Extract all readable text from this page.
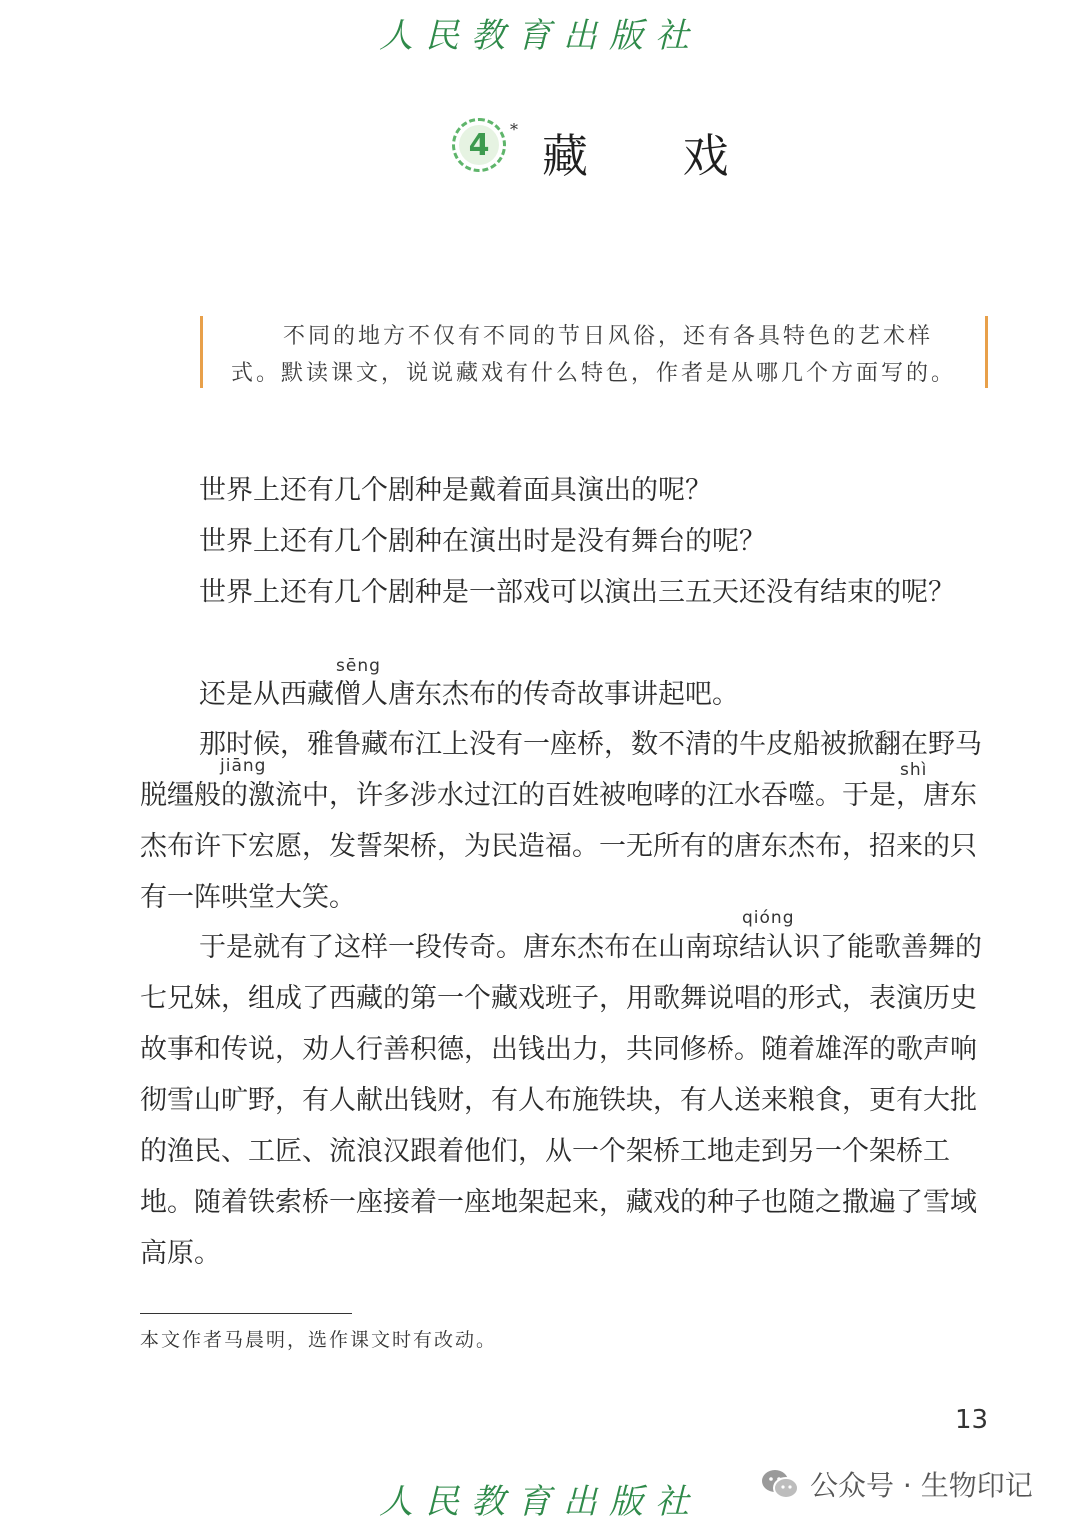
人民教育出版社
4	* 藏 戏
不同的地方不仅有不同的节日风俗，还有各具特色的艺术样
式。默读课文，说说藏戏有什么特色，作者是从哪几个方面写的。
世界上还有几个剧种是戴着面具演出的呢？
世界上还有几个剧种在演出时是没有舞台的呢？
世界上还有几个剧种是一部戏可以演出三五天还没有结束的呢？
sēng
还是从西藏僧人唐东杰布的传奇故事讲起吧。
jiāng	shì
那时候，雅鲁藏布江上没有一座桥，数不清的牛皮船被掀翻在野马脱缰般的激流中，许多涉水过江的百姓被咆哮的江水吞噬。于是，唐东杰布许下宏愿，发誓架桥，为民造福。一无所有的唐东杰布，招来的只有一阵哄堂大笑。
qióng
于是就有了这样一段传奇。唐东杰布在山南琼结认识了能歌善舞的七兄妹，组成了西藏的第一个藏戏班子，用歌舞说唱的形式，表演历史故事和传说，劝人行善积德，出钱出力，共同修桥。随着雄浑的歌声响彻雪山旷野，有人献出钱财，有人布施铁块，有人送来粮食，更有大批的渔民、工匠、流浪汉跟着他们，从一个架桥工地走到另一个架桥工地。随着铁索桥一座接着一座地架起来，藏戏的种子也随之撒遍了雪域高原。
本文作者马晨明，选作课文时有改动。
13
人民教育出版社	公众号 · 生物印记
